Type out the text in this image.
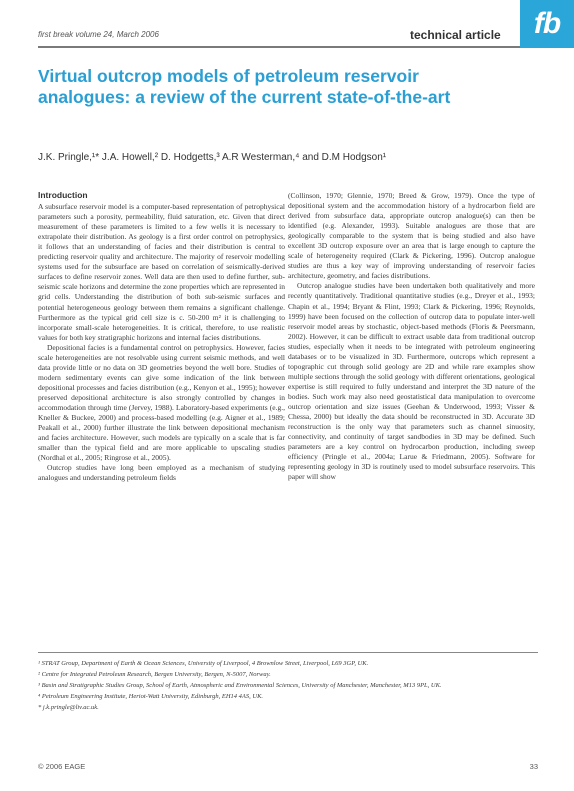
first break volume 24, March 2006	technical article	fb
Virtual outcrop models of petroleum reservoir analogues: a review of the current state-of-the-art
J.K. Pringle,¹* J.A. Howell,² D. Hodgetts,³ A.R Westerman,⁴ and D.M Hodgson¹
Introduction

A subsurface reservoir model is a computer-based representation of petrophysical parameters such a porosity, permeability, fluid saturation, etc. Given that direct measurement of these parameters is limited to a few wells it is necessary to extrapolate their distribution. As geology is a first order control on petrophysics, it follows that an understanding of facies and their distribution is central to predicting reservoir quality and architecture. The majority of reservoir modelling systems used for the subsurface are based on correlation of seismically-derived surfaces to define reservoir zones. Well data are then used to define further, sub-seismic scale horizons and determine the zone properties which are represented in grid cells. Understanding the distribution of both sub-seismic surfaces and potential heterogeneous geology between them remains a significant challenge. Furthermore as the typical grid cell size is c. 50-200 m² it is challenging to incorporate small-scale heterogeneities. It is critical, therefore, to use realistic values for both key stratigraphic horizons and internal facies distributions.

Depositional facies is a fundamental control on petrophysics. However, facies scale heterogeneities are not resolvable using current seismic methods, and well data provide little or no data on 3D geometries beyond the well bore. Studies of modern sedimentary events can give some indication of the link between depositional processes and facies distribution (e.g., Kenyon et al., 1995); however preserved depositional architecture is also strongly controlled by changes in accommodation through time (Jervey, 1988). Laboratory-based experiments (e.g., Kneller & Buckee, 2000) and process-based modelling (e.g. Aigner et al., 1989; Peakall et al., 2000) further illustrate the link between depositional mechanism and facies architecture. However, such models are typically on a scale that is far smaller than the typical field and are more applicable to upscaling studies (Nordhal et al., 2005; Ringrose et al., 2005).

Outcrop studies have long been employed as a mechanism of studying analogues and understanding petroleum fields

(Collinson, 1970; Glennie, 1970; Breed & Grow, 1979). Once the type of depositional system and the accommodation history of a hydrocarbon field are derived from subsurface data, appropriate outcrop analogue(s) can then be identified (e.g. Alexander, 1993). Suitable analogues are those that are geologically comparable to the system that is being studied and also have excellent 3D outcrop exposure over an area that is large enough to capture the scale of heterogeneity required (Clark & Pickering, 1996). Outcrop analogue studies are thus a key way of improving understanding of reservoir facies architecture, geometry, and facies distributions.

Outcrop analogue studies have been undertaken both qualitatively and more recently quantitatively. Traditional quantitative studies (e.g., Dreyer et al., 1993; Chapin et al., 1994; Bryant & Flint, 1993; Clark & Pickering, 1996; Reynolds, 1999) have been focused on the collection of outcrop data to populate inter-well reservoir model areas by stochastic, object-based methods (Floris & Peersmann, 2002). However, it can be difficult to extract usable data from traditional outcrop studies, especially when it needs to be integrated with petroleum engineering databases or to be visualized in 3D. Furthermore, outcrops which represent a topographic cut through solid geology are 2D and while rare examples show multiple sections through the solid geology with different orientations, geological expertise is still required to fully understand and interpret the 3D nature of the bodies. Such work may also need geostatistical data manipulation to overcome outcrop orientation and size issues (Geehan & Underwood, 1993; Visser & Chessa, 2000) but ideally the data should be reconstructed in 3D. Accurate 3D reconstruction is the only way that parameters such as channel sinuosity, connectivity, and continuity of target sandbodies in 3D may be defined. Such parameters are a key control on hydrocarbon production, including sweep efficiency (Pringle et al., 2004a; Larue & Friedmann, 2005). Software for representing geology in 3D is routinely used to model subsurface reservoirs. This paper will show

¹ STRAT Group, Department of Earth & Ocean Sciences, University of Liverpool, 4 Brownlow Street, Liverpool, L69 3GP, UK.

² Centre for Integrated Petroleum Research, Bergen University, Bergen, N-5007, Norway.

³ Basin and Stratigraphic Studies Group, School of Earth, Atmospheric and Environmental Sciences, University of Manchester, Manchester, M13 9PL, UK.

⁴ Petroleum Engineering Institute, Heriot-Watt University, Edinburgh, EH14 4AS, UK.

* j.k.pringle@liv.ac.uk.

© 2006 EAGE	33
